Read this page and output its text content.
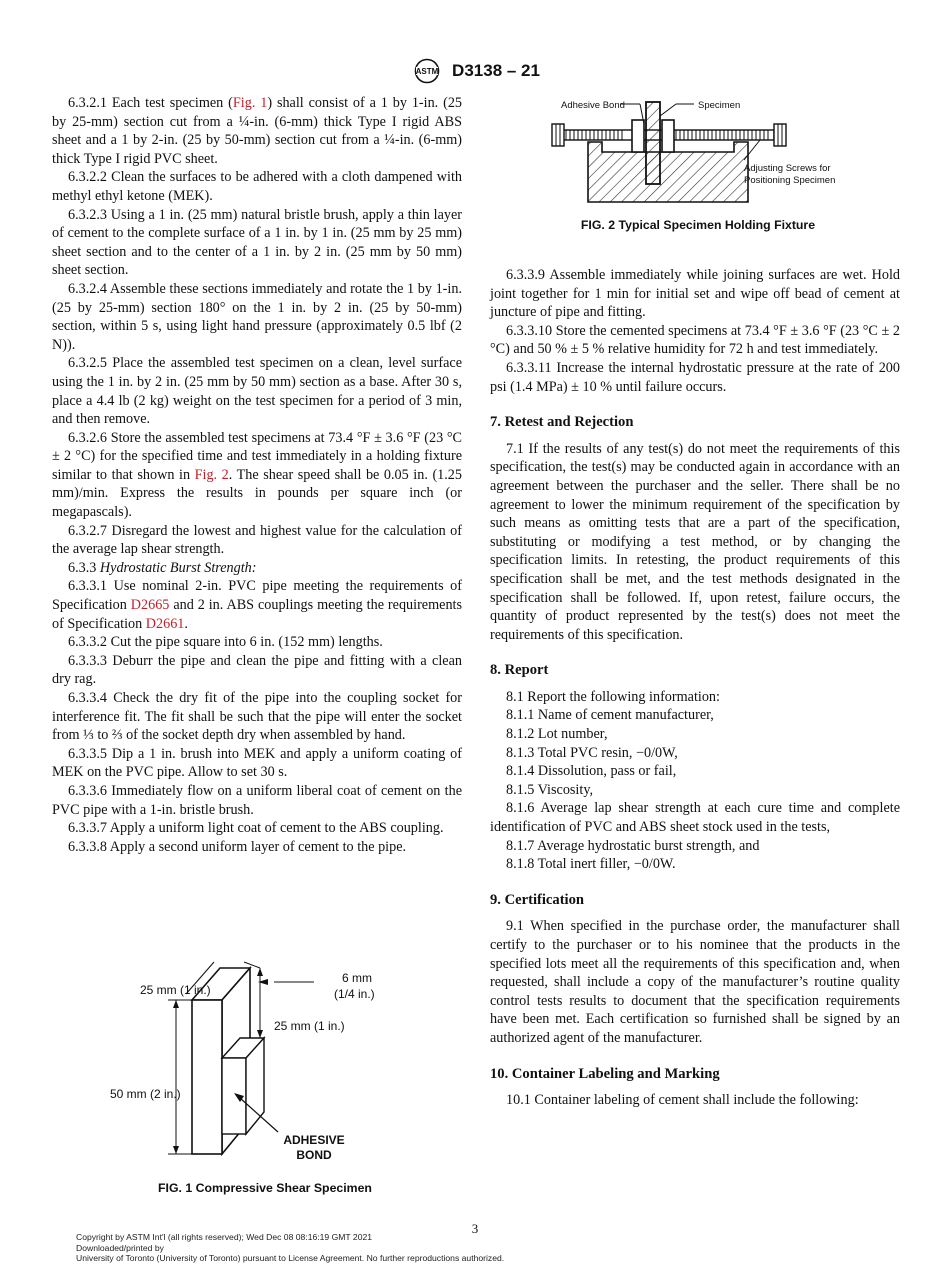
ASTM D3138 – 21

6.3.2.1 Each test specimen (Fig. 1) shall consist of a 1 by 1-in. (25 by 25-mm) section cut from a ¼-in. (6-mm) thick Type I rigid ABS sheet and a 1 by 2-in. (25 by 50-mm) section cut from a ¼-in. (6-mm) thick Type I rigid PVC sheet.

6.3.2.2 Clean the surfaces to be adhered with a cloth dampened with methyl ethyl ketone (MEK).

6.3.2.3 Using a 1 in. (25 mm) natural bristle brush, apply a thin layer of cement to the complete surface of a 1 in. by 1 in. (25 mm by 25 mm) sheet section and to the center of a 1 in. by 2 in. (25 mm by 50 mm) sheet section.

6.3.2.4 Assemble these sections immediately and rotate the 1 by 1-in. (25 by 25-mm) section 180° on the 1 in. by 2 in. (25 by 50-mm) section, within 5 s, using light hand pressure (approximately 0.5 lbf (2 N)).

6.3.2.5 Place the assembled test specimen on a clean, level surface using the 1 in. by 2 in. (25 mm by 50 mm) section as a base. After 30 s, place a 4.4 lb (2 kg) weight on the test specimen for a period of 3 min, and then remove.

6.3.2.6 Store the assembled test specimens at 73.4 °F ± 3.6 °F (23 °C ± 2 °C) for the specified time and test immediately in a holding fixture similar to that shown in Fig. 2. The shear speed shall be 0.05 in. (1.25 mm)/min. Express the results in pounds per square inch (or megapascals).

6.3.2.7 Disregard the lowest and highest value for the calculation of the average lap shear strength.

6.3.3 Hydrostatic Burst Strength:

6.3.3.1 Use nominal 2-in. PVC pipe meeting the requirements of Specification D2665 and 2 in. ABS couplings meeting the requirements of Specification D2661.

6.3.3.2 Cut the pipe square into 6 in. (152 mm) lengths.

6.3.3.3 Deburr the pipe and clean the pipe and fitting with a clean dry rag.

6.3.3.4 Check the dry fit of the pipe into the coupling socket for interference fit. The fit shall be such that the pipe will enter the socket from ⅓ to ⅔ of the socket depth dry when assembled by hand.

6.3.3.5 Dip a 1 in. brush into MEK and apply a uniform coating of MEK on the PVC pipe. Allow to set 30 s.

6.3.3.6 Immediately flow on a uniform liberal coat of cement on the PVC pipe with a 1-in. bristle brush.

6.3.3.7 Apply a uniform light coat of cement to the ABS coupling.

6.3.3.8 Apply a second uniform layer of cement to the pipe.

Adhesive Bond	Specimen
Adjusting Screws for
Positioning Specimen
FIG. 2 Typical Specimen Holding Fixture

6.3.3.9 Assemble immediately while joining surfaces are wet. Hold joint together for 1 min for initial set and wipe off bead of cement at juncture of pipe and fitting.

6.3.3.10 Store the cemented specimens at 73.4 °F ± 3.6 °F (23 °C ± 2 °C) and 50 % ± 5 % relative humidity for 72 h and test immediately.

6.3.3.11 Increase the internal hydrostatic pressure at the rate of 200 psi (1.4 MPa) ± 10 % until failure occurs.

7. Retest and Rejection

7.1 If the results of any test(s) do not meet the requirements of this specification, the test(s) may be conducted again in accordance with an agreement between the purchaser and the seller. There shall be no agreement to lower the minimum requirement of the specification by such means as omitting tests that are a part of the specification, substituting or modifying a test method, or by changing the specification limits. In retesting, the product requirements of this specification shall be met, and the test methods designated in the specification shall be followed. If, upon retest, failure occurs, the quantity of product represented by the test(s) does not meet the requirements of this specification.

8. Report

8.1 Report the following information:

8.1.1 Name of cement manufacturer,

8.1.2 Lot number,

8.1.3 Total PVC resin, −0/0W,

8.1.4 Dissolution, pass or fail,

8.1.5 Viscosity,

8.1.6 Average lap shear strength at each cure time and complete identification of PVC and ABS sheet stock used in the tests,

8.1.7 Average hydrostatic burst strength, and

8.1.8 Total inert filler, −0/0W.

9. Certification

9.1 When specified in the purchase order, the manufacturer shall certify to the purchaser or to his nominee that the products in the specified lots meet all the requirements of this specification and, when requested, shall include a copy of the manufacturer’s routine quality control tests results to document that the specification requirements have been met. Each certification so furnished shall be signed by an authorized agent of the manufacturer.

10. Container Labeling and Marking

10.1 Container labeling of cement shall include the following:

25 mm (1 in.)
6 mm
(1/4 in.)
25 mm (1 in.)
50 mm (2 in.)
ADHESIVE
BOND
FIG. 1 Compressive Shear Specimen
3
Copyright by ASTM Int'l (all rights reserved); Wed Dec 08 08:16:19 GMT 2021
Downloaded/printed by
University of Toronto (University of Toronto) pursuant to License Agreement. No further reproductions authorized.
